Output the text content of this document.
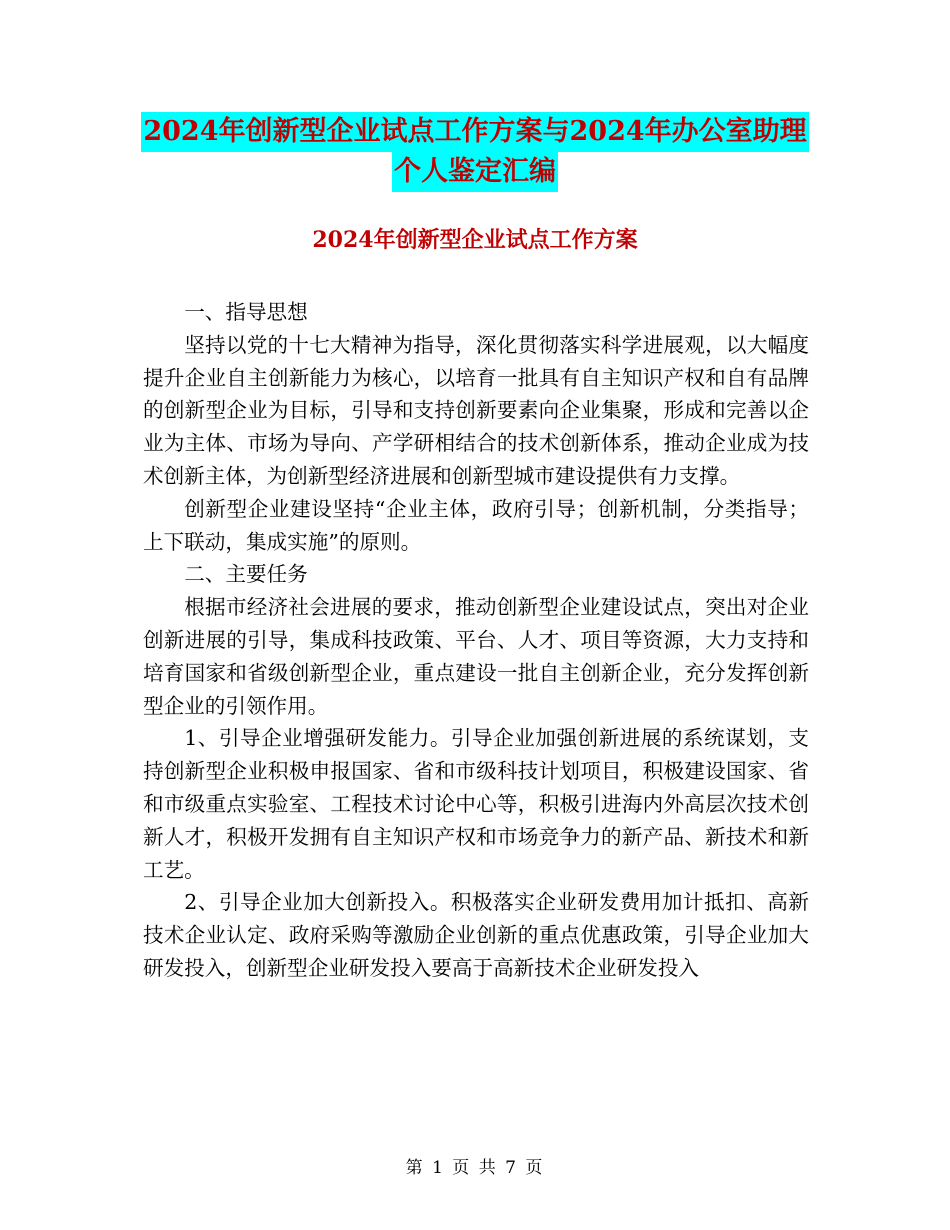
2024年创新型企业试点工作方案与2024年办公室助理
个人鉴定汇编
2024年创新型企业试点工作方案

一、指导思想

坚持以党的十七大精神为指导，深化贯彻落实科学进展观，以大幅度提升企业自主创新能力为核心，以培育一批具有自主知识产权和自有品牌的创新型企业为目标，引导和支持创新要素向企业集聚，形成和完善以企业为主体、市场为导向、产学研相结合的技术创新体系，推动企业成为技术创新主体，为创新型经济进展和创新型城市建设提供有力支撑。

创新型企业建设坚持“企业主体，政府引导；创新机制，分类指导；上下联动，集成实施”的原则。

二、主要任务

根据市经济社会进展的要求，推动创新型企业建设试点，突出对企业创新进展的引导，集成科技政策、平台、人才、项目等资源，大力支持和培育国家和省级创新型企业，重点建设一批自主创新企业，充分发挥创新型企业的引领作用。

1、引导企业增强研发能力。引导企业加强创新进展的系统谋划，支持创新型企业积极申报国家、省和市级科技计划项目，积极建设国家、省和市级重点实验室、工程技术讨论中心等，积极引进海内外高层次技术创新人才，积极开发拥有自主知识产权和市场竞争力的新产品、新技术和新工艺。

2、引导企业加大创新投入。积极落实企业研发费用加计抵扣、高新技术企业认定、政府采购等激励企业创新的重点优惠政策，引导企业加大研发投入，创新型企业研发投入要高于高新技术企业研发投入

第 1 页 共 7 页
